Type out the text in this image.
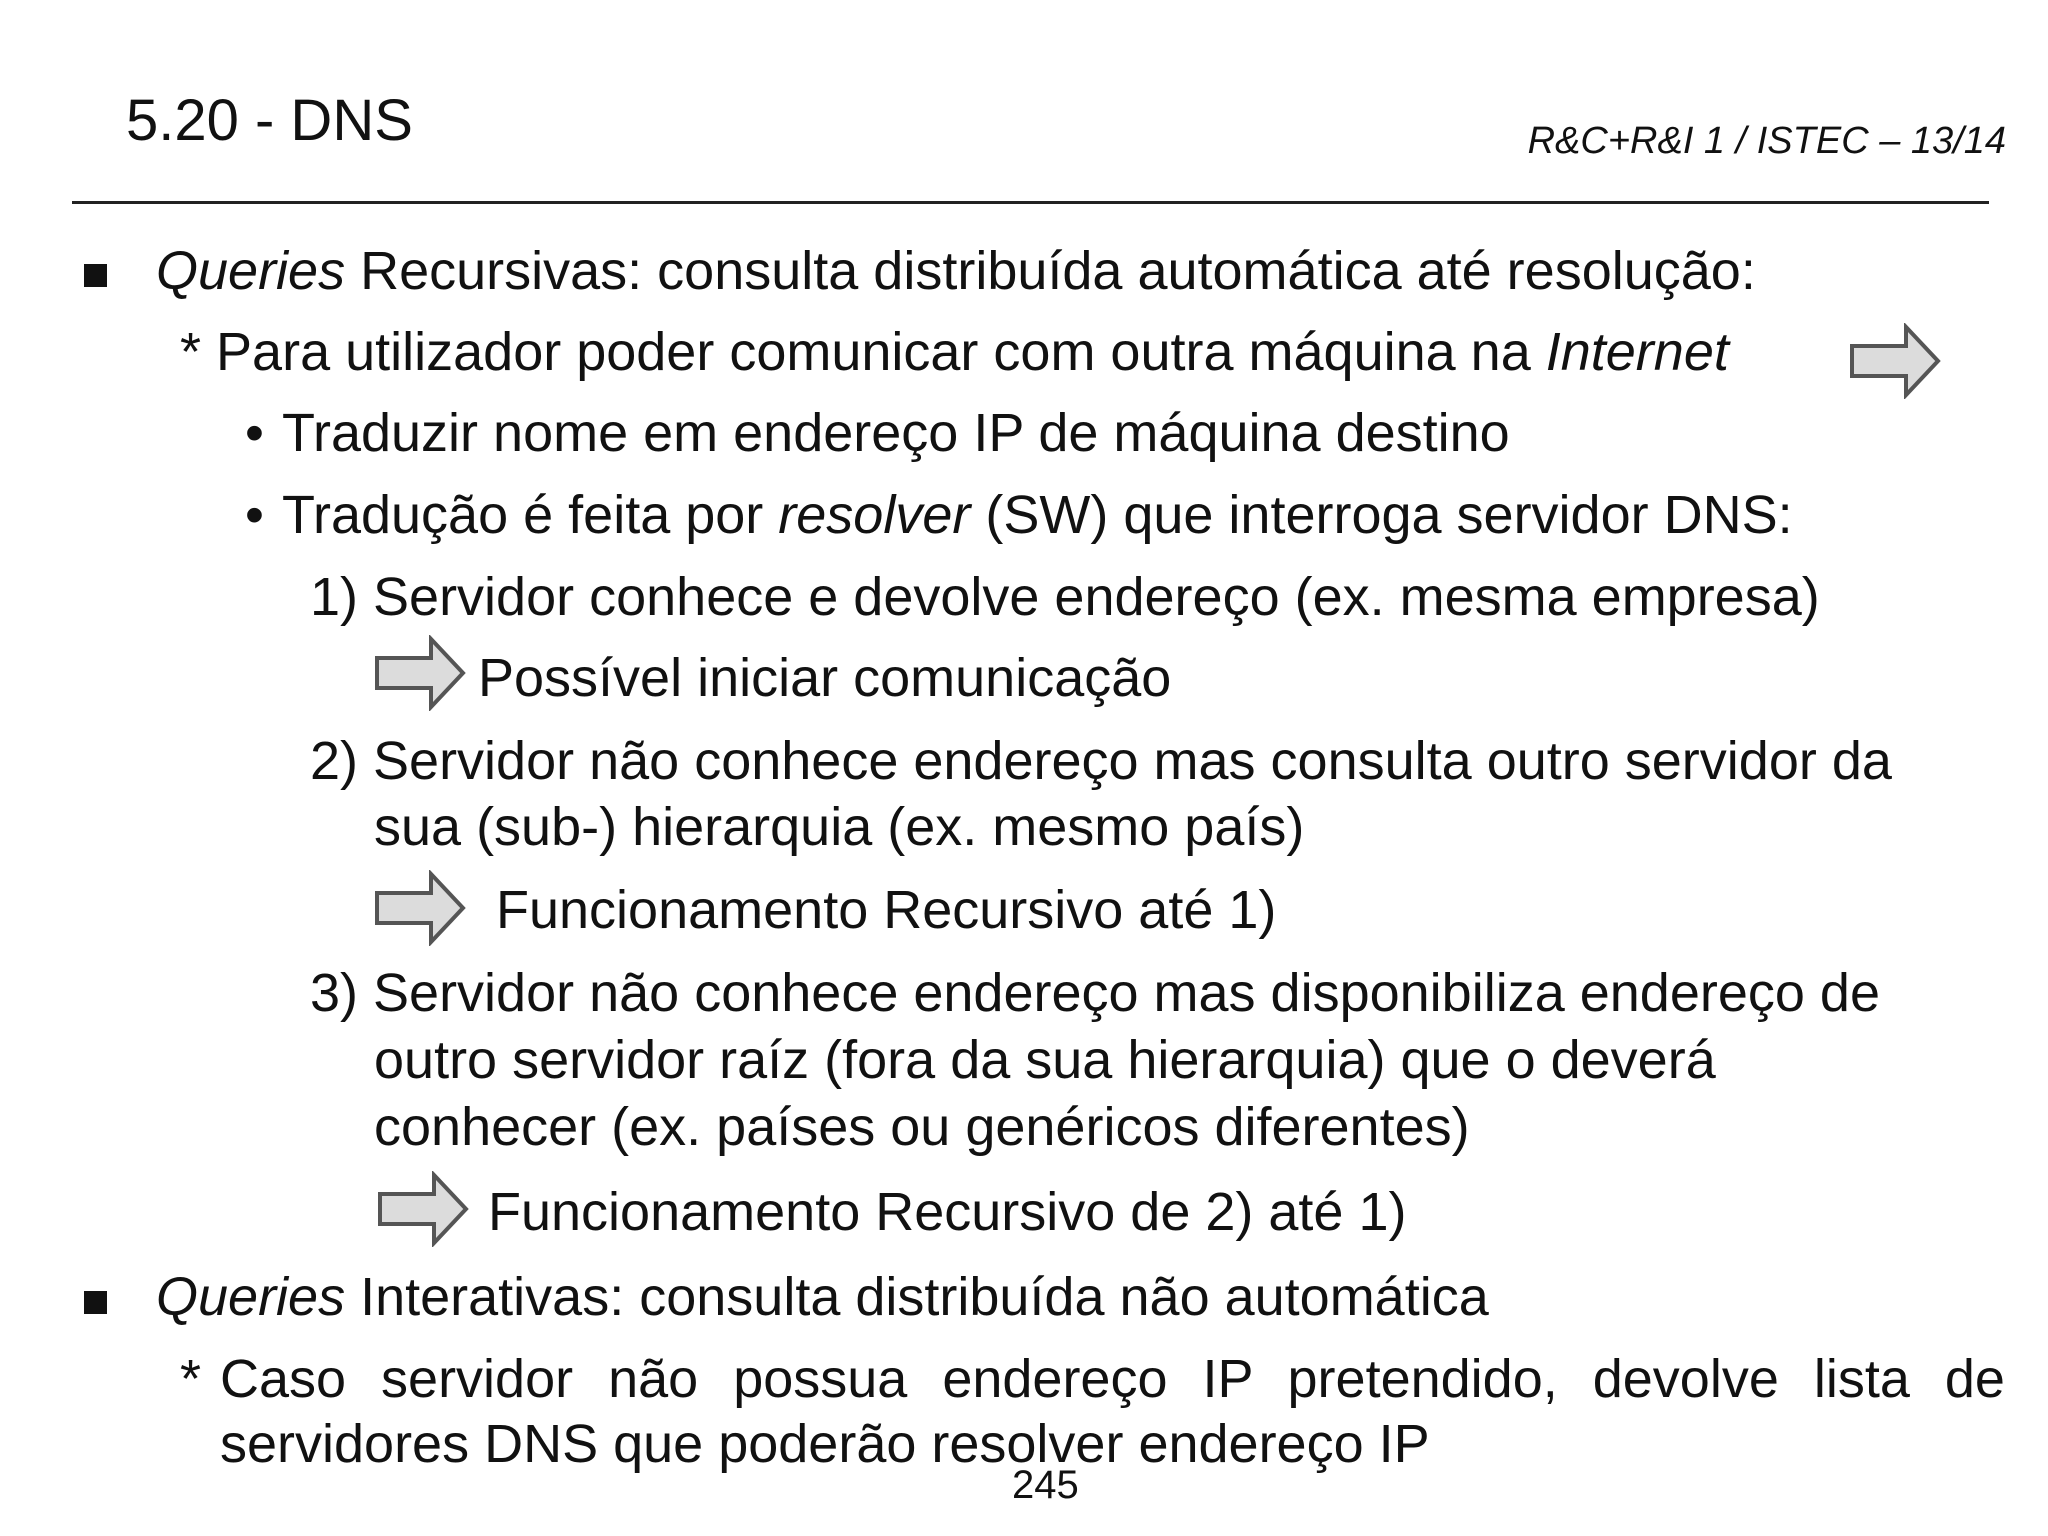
5.20 - DNS	R&C+R&I 1 / ISTEC – 13/14
Queries Recursivas: consulta distribuída automática até resolução:
* Para utilizador poder comunicar com outra máquina na Internet
• Traduzir nome em endereço IP de máquina destino
• Tradução é feita por resolver (SW) que interroga servidor DNS:
1) Servidor conhece e devolve endereço (ex. mesma empresa)
Possível iniciar comunicação
2) Servidor não conhece endereço mas consulta outro servidor da
sua (sub-) hierarquia (ex. mesmo país)
Funcionamento Recursivo até 1)
3) Servidor não conhece endereço mas disponibiliza endereço de
outro servidor raíz (fora da sua hierarquia) que o deverá
conhecer (ex. países ou genéricos diferentes)
Funcionamento Recursivo de 2) até 1)
Queries Interativas: consulta distribuída não automática
* Caso servidor não possua endereço IP pretendido, devolve lista de
servidores DNS que poderão resolver endereço IP
245
